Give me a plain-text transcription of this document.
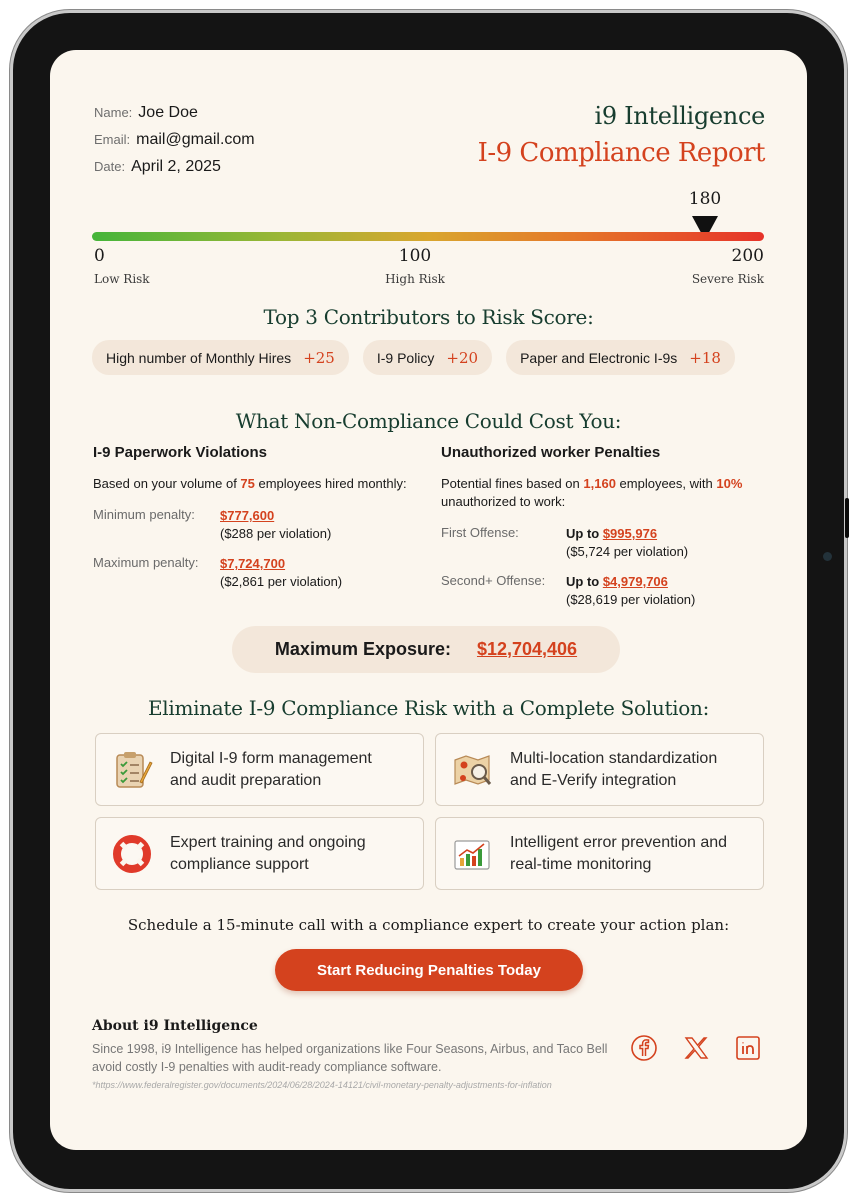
Name: Joe Doe
Email: mail@gmail.com
Date: April 2, 2025
i9 Intelligence
I-9 Compliance Report
180
0
Low Risk
100
High Risk
200
Severe Risk
Top 3 Contributors to Risk Score:
High number of Monthly Hires +25	I-9 Policy +20	Paper and Electronic I-9s +18
What Non-Compliance Could Cost You:
I-9 Paperwork Violations
Based on your volume of 75 employees hired monthly:
Minimum penalty:	$777,600
($288 per violation)
Maximum penalty:	$7,724,700
($2,861 per violation)
Unauthorized worker Penalties
Potential fines based on 1,160 employees, with 10% unauthorized to work:
First Offense:	Up to $995,976
($5,724 per violation)
Second+ Offense:	Up to $4,979,706
($28,619 per violation)
Maximum Exposure: $12,704,406
Eliminate I-9 Compliance Risk with a Complete Solution:
Digital I-9 form management
and audit preparation
Multi-location standardization
and E-Verify integration
Expert training and ongoing
compliance support
Intelligent error prevention and
real-time monitoring
Schedule a 15-minute call with a compliance expert to create your action plan:
Start Reducing Penalties Today
About i9 Intelligence
Since 1998, i9 Intelligence has helped organizations like Four Seasons, Airbus, and Taco Bell avoid costly I-9 penalties with audit-ready compliance software.
*https://www.federalregister.gov/documents/2024/06/28/2024-14121/civil-monetary-penalty-adjustments-for-inflation
